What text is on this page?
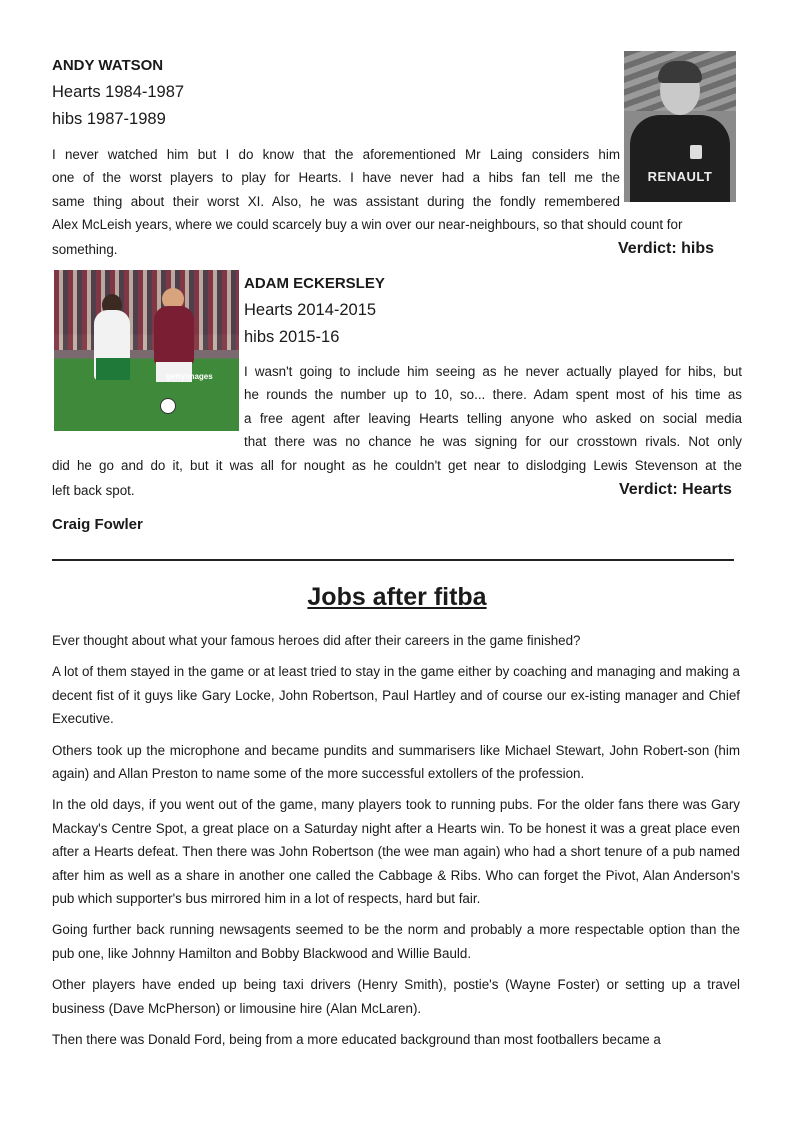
ANDY WATSON
Hearts 1984-1987
hibs 1987-1989
RENAULT

I never watched him but I do know that the aforementioned Mr Laing considers him

one of the worst players to play for Hearts. I have never had a hibs fan tell me the

same thing about their worst XI. Also, he was assistant during the fondly remembered

Alex McLeish years, where we could scarcely buy a win over our near-neighbours, so that should count for

something.	Verdict: hibs
gettyimages
ADAM ECKERSLEY
Hearts 2014-2015
hibs 2015-16

I wasn't going to include him seeing as he never actually played for hibs, but

he rounds the number up to 10, so... there. Adam spent most of his time as

a free agent after leaving Hearts telling anyone who asked on social media

that there was no chance he was signing for our crosstown rivals. Not only

did he go and do it, but it was all for nought as he couldn't get near to dislodging Lewis Stevenson at the

left back spot.	Verdict: Hearts
Craig Fowler
Jobs after fitba

Ever thought about what your famous heroes did after their careers in the game finished?

A lot of them stayed in the game or at least tried to stay in the game either by coaching and managing and making a decent fist of it guys like Gary Locke, John Robertson, Paul Hartley and of course our ex-isting manager and Chief Executive.

Others took up the microphone and became pundits and summarisers like Michael Stewart, John Robert-son (him again) and Allan Preston to name some of the more successful extollers of the profession.

In the old days, if you went out of the game, many players took to running pubs. For the older fans there was Gary Mackay's Centre Spot, a great place on a Saturday night after a Hearts win. To be honest it was a great place even after a Hearts defeat. Then there was John Robertson (the wee man again) who had a short tenure of a pub named after him as well as a share in another one called the Cabbage & Ribs. Who can forget the Pivot, Alan Anderson's pub which supporter's bus mirrored him in a lot of respects, hard but fair.

Going further back running newsagents seemed to be the norm and probably a more respectable option than the pub one, like Johnny Hamilton and Bobby Blackwood and Willie Bauld.

Other players have ended up being taxi drivers (Henry Smith), postie's (Wayne Foster) or setting up a travel business (Dave McPherson) or limousine hire (Alan McLaren).

Then there was Donald Ford, being from a more educated background than most footballers became a
